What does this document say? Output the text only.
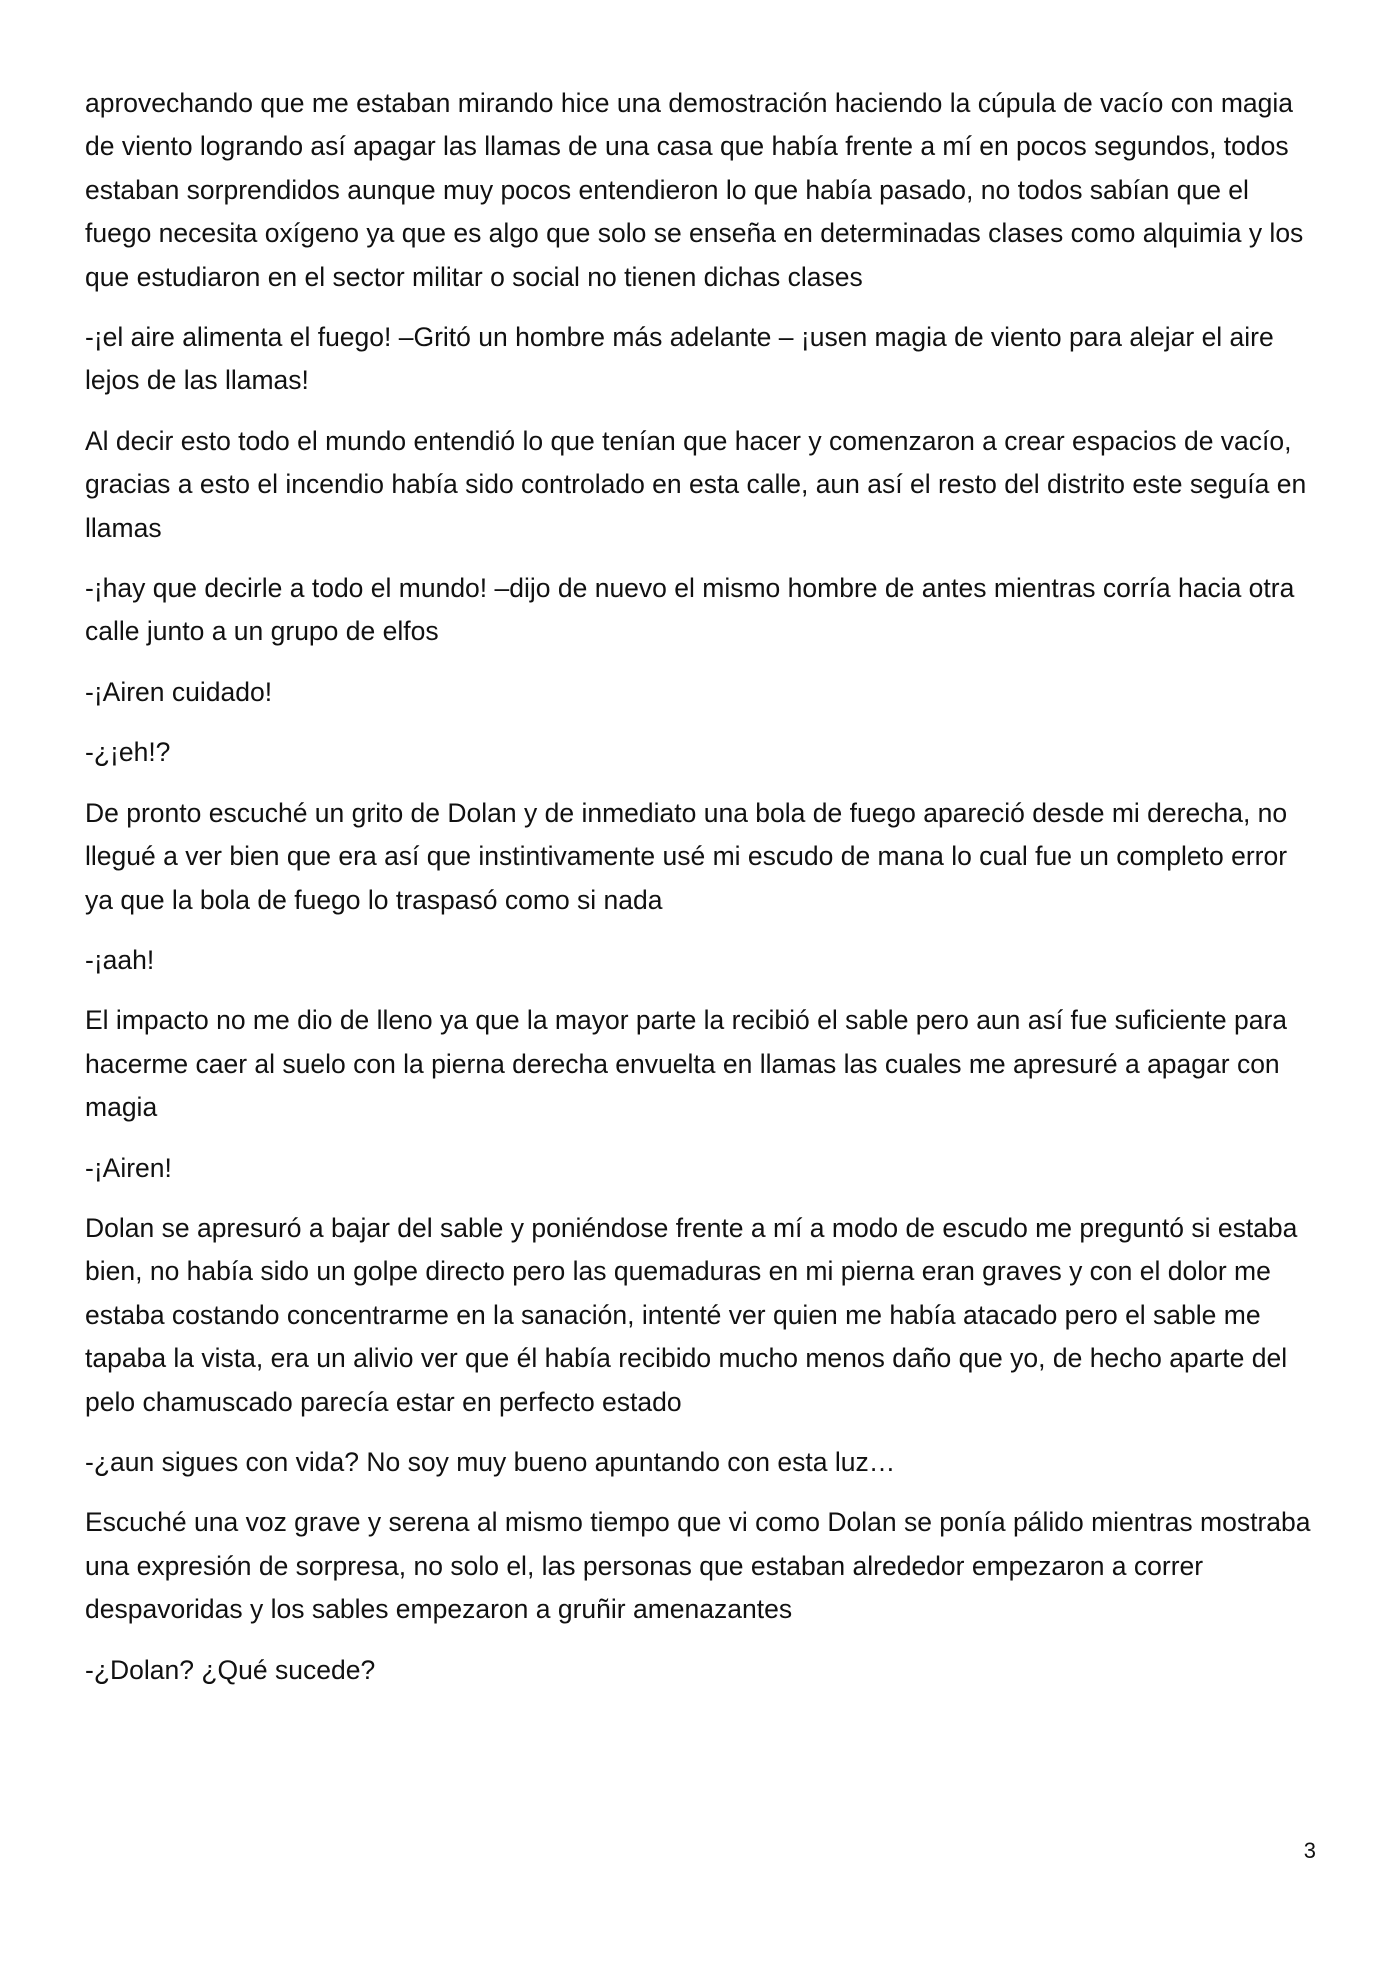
aprovechando que me estaban mirando hice una demostración haciendo la cúpula de vacío con magia de viento logrando así apagar las llamas de una casa que había frente a mí en pocos segundos, todos estaban sorprendidos aunque muy pocos entendieron lo que había pasado, no todos sabían que el fuego necesita oxígeno ya que es algo que solo se enseña en determinadas clases como alquimia y los que estudiaron en el sector militar o social no tienen dichas clases

-¡el aire alimenta el fuego! –Gritó un hombre más adelante – ¡usen magia de viento para alejar el aire lejos de las llamas!

Al decir esto todo el mundo entendió lo que tenían que hacer y comenzaron a crear espacios de vacío, gracias a esto el incendio había sido controlado en esta calle, aun así el resto del distrito este seguía en llamas

-¡hay que decirle a todo el mundo! –dijo de nuevo el mismo hombre de antes mientras corría hacia otra calle junto a un grupo de elfos

-¡Airen cuidado!

-¿¡eh!?

De pronto escuché un grito de Dolan y de inmediato una bola de fuego apareció desde mi derecha, no llegué a ver bien que era así que instintivamente usé mi escudo de mana lo cual fue un completo error ya que la bola de fuego lo traspasó como si nada

-¡aah!

El impacto no me dio de lleno ya que la mayor parte la recibió el sable pero aun así fue suficiente para hacerme caer al suelo con la pierna derecha envuelta en llamas las cuales me apresuré a apagar con magia

-¡Airen!

Dolan se apresuró a bajar del sable y poniéndose frente a mí a modo de escudo me preguntó si estaba bien, no había sido un golpe directo pero las quemaduras en mi pierna eran graves y con el dolor me estaba costando concentrarme en la sanación, intenté ver quien me había atacado pero el sable me tapaba la vista, era un alivio ver que él había recibido mucho menos daño que yo, de hecho aparte del pelo chamuscado parecía estar en perfecto estado

-¿aun sigues con vida? No soy muy bueno apuntando con esta luz…

Escuché una voz grave y serena al mismo tiempo que vi como Dolan se ponía pálido mientras mostraba una expresión de sorpresa, no solo el, las personas que estaban alrededor empezaron a correr despavoridas y los sables empezaron a gruñir amenazantes

-¿Dolan? ¿Qué sucede?

3
